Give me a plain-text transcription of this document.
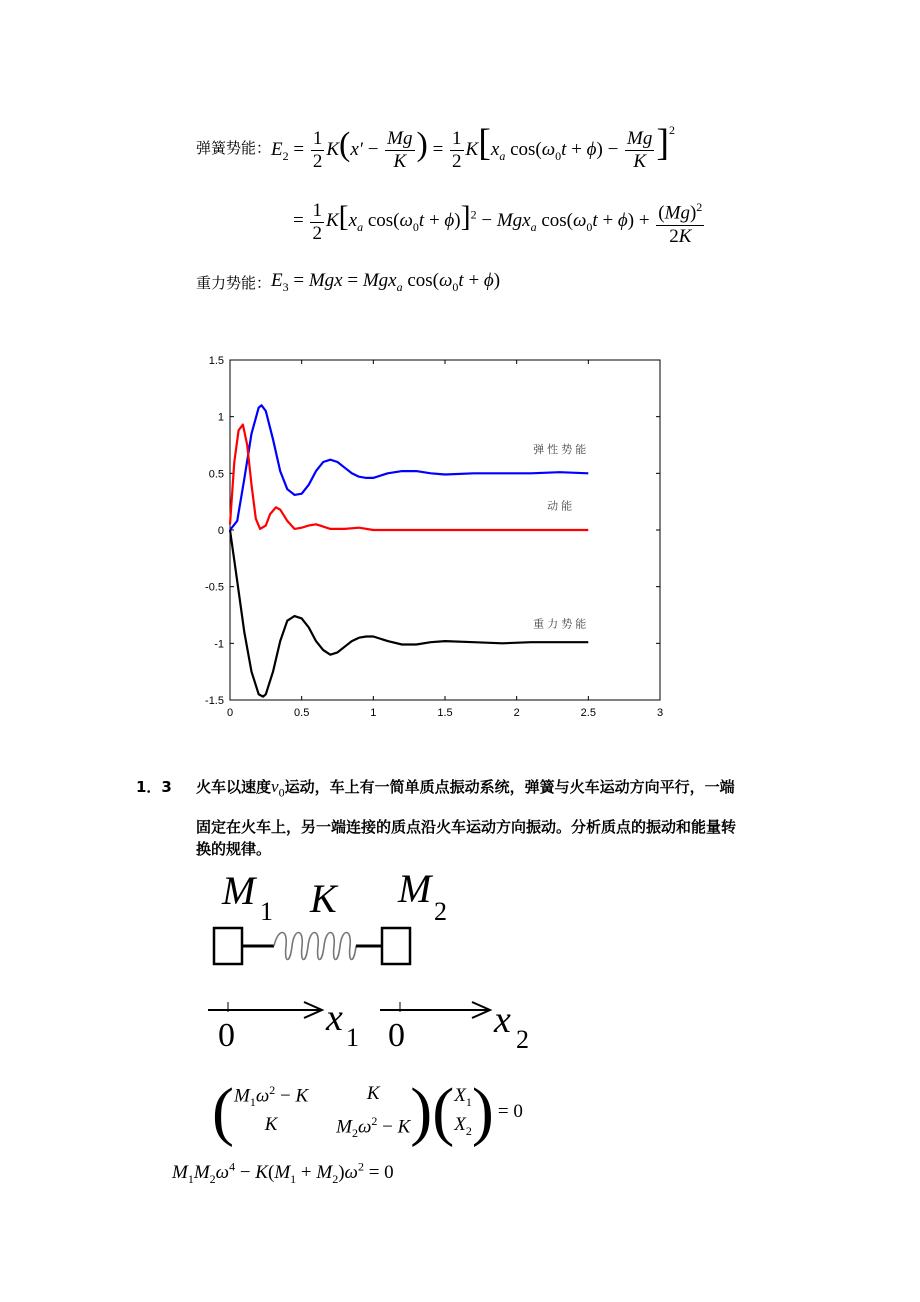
弹簧势能： $E_2 = \frac{1}{2} K(x' - \frac{Mg}{K}$ ) = $\frac{1}{2} K[x_a$ $\cos(\omega_0t + \phi) - \frac{Mg}{K} ]^2$
= $\frac{1}{2} K[x_a$ $\cos(\omega_0t + \phi)]^2 - Mgx_a$ $\cos(\omega_0t + \phi) + \frac{(Mg)^2}{2K}$
重力势能： $E_3$ = Mgx = Mgx$_a$ $\cos(\omega_0t + \phi)$
0	0.5	1	1.5	2	2.5	3
1.5
1
0.5
0
-0.5
-1
-1.5
弹 性 势 能
动 能
重 力 势 能
1．3 火车以速度$v_0$运动，车上有一简单质点振动系统，弹簧与火车运动方向平行，一端
固定在火车上，另一端连接的质点沿火车运动方向振动。分析质点的振动和能量转
换的规律。
M 1 K M
2
0 x 1 0 x 2
( $M_1\omega^2 - K$	K
K	$M_2\omega^2 - K$ ) ( $X_1$
$X_2$ ) = 0
$M_1M_2\omega^4 - K(M_1 + M_2)\omega^2 = 0$
